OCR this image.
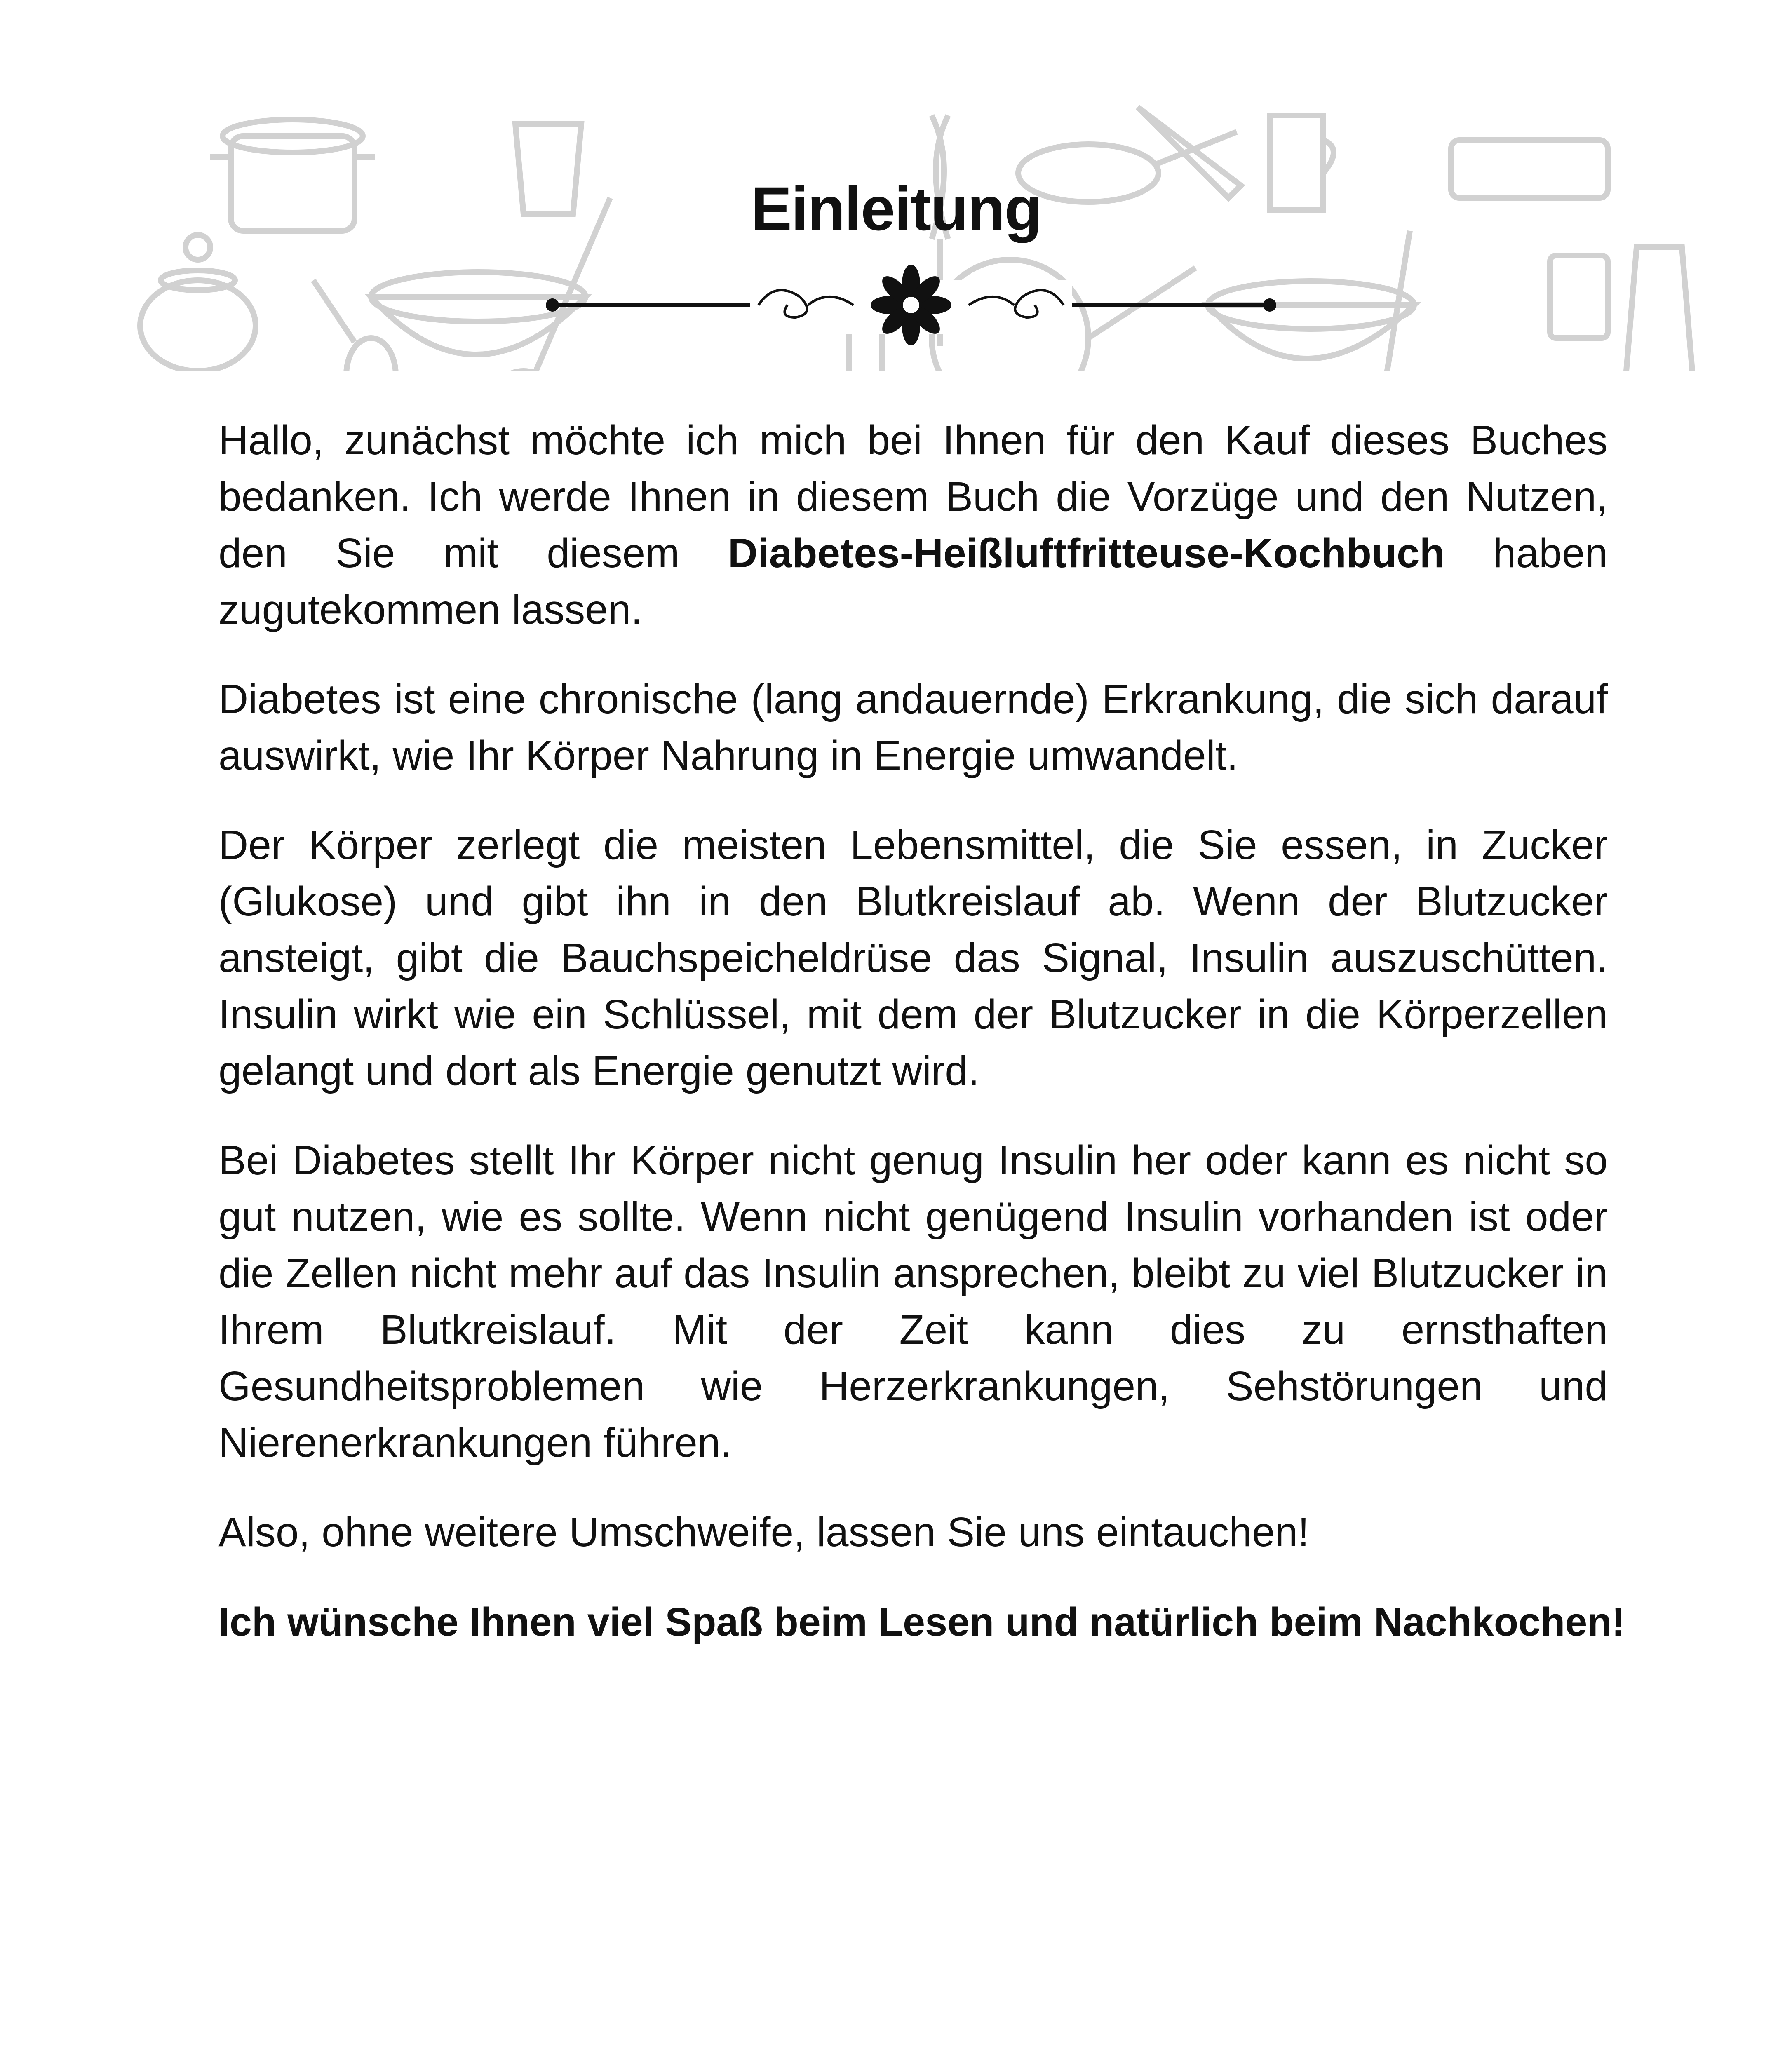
Einleitung

Hallo, zunächst möchte ich mich bei Ihnen für den Kauf dieses Buches bedanken. Ich werde Ihnen in diesem Buch die Vorzüge und den Nutzen, den Sie mit diesem Diabetes-Heißluftfritteuse-Kochbuch haben zugutekommen lassen.

Diabetes ist eine chronische (lang andauernde) Erkrankung, die sich darauf auswirkt, wie Ihr Körper Nahrung in Energie umwandelt.

Der Körper zerlegt die meisten Lebensmittel, die Sie essen, in Zucker (Glukose) und gibt ihn in den Blutkreislauf ab. Wenn der Blutzucker ansteigt, gibt die Bauchspeicheldrüse das Signal, Insulin auszuschütten. Insulin wirkt wie ein Schlüssel, mit dem der Blutzucker in die Körperzellen gelangt und dort als Energie genutzt wird.

Bei Diabetes stellt Ihr Körper nicht genug Insulin her oder kann es nicht so gut nutzen, wie es sollte. Wenn nicht genügend Insulin vorhanden ist oder die Zellen nicht mehr auf das Insulin ansprechen, bleibt zu viel Blutzucker in Ihrem Blutkreislauf. Mit der Zeit kann dies zu ernsthaften Gesundheitsproblemen wie Herzerkrankungen, Sehstörungen und Nierenerkrankungen führen.

Also, ohne weitere Umschweife, lassen Sie uns eintauchen!

Ich wünsche Ihnen viel Spaß beim Lesen und natürlich beim Nachkochen!
